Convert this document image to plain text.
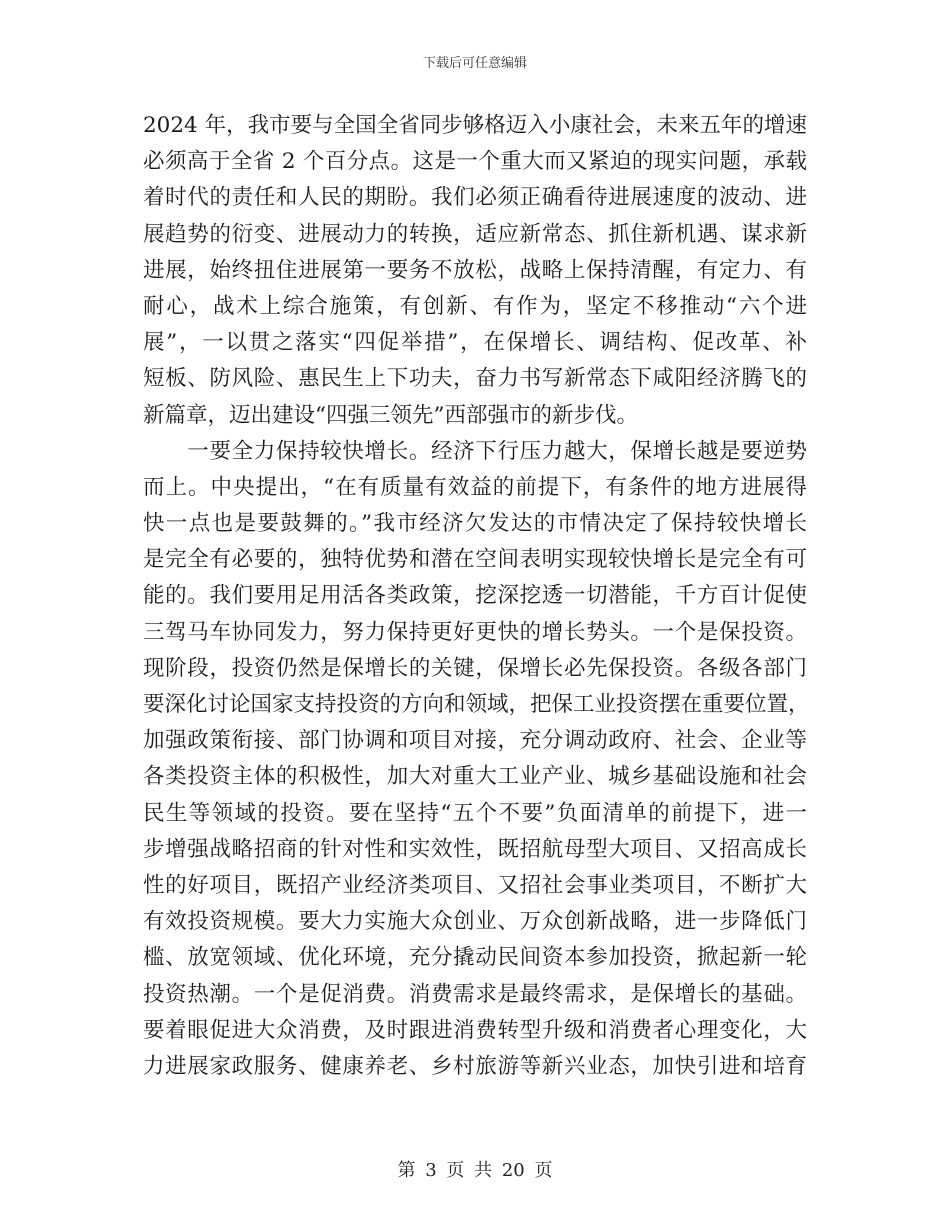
下载后可任意编辑
2024 年，我市要与全国全省同步够格迈入小康社会，未来五年的增速
必须高于全省 2 个百分点。这是一个重大而又紧迫的现实问题，承载
着时代的责任和人民的期盼。我们必须正确看待进展速度的波动、进
展趋势的衍变、进展动力的转换，适应新常态、抓住新机遇、谋求新
进展，始终扭住进展第一要务不放松，战略上保持清醒，有定力、有
耐心，战术上综合施策，有创新、有作为，坚定不移推动“六个进
展”，一以贯之落实“四促举措”，在保增长、调结构、促改革、补
短板、防风险、惠民生上下功夫，奋力书写新常态下咸阳经济腾飞的
新篇章，迈出建设“四强三领先”西部强市的新步伐。
　　一要全力保持较快增长。经济下行压力越大，保增长越是要逆势
而上。中央提出，“在有质量有效益的前提下，有条件的地方进展得
快一点也是要鼓舞的。”我市经济欠发达的市情决定了保持较快增长
是完全有必要的，独特优势和潜在空间表明实现较快增长是完全有可
能的。我们要用足用活各类政策，挖深挖透一切潜能，千方百计促使
三驾马车协同发力，努力保持更好更快的增长势头。一个是保投资。
现阶段，投资仍然是保增长的关键，保增长必先保投资。各级各部门
要深化讨论国家支持投资的方向和领域，把保工业投资摆在重要位置，
加强政策衔接、部门协调和项目对接，充分调动政府、社会、企业等
各类投资主体的积极性，加大对重大工业产业、城乡基础设施和社会
民生等领域的投资。要在坚持“五个不要”负面清单的前提下，进一
步增强战略招商的针对性和实效性，既招航母型大项目、又招高成长
性的好项目，既招产业经济类项目、又招社会事业类项目，不断扩大
有效投资规模。要大力实施大众创业、万众创新战略，进一步降低门
槛、放宽领域、优化环境，充分撬动民间资本参加投资，掀起新一轮
投资热潮。一个是促消费。消费需求是最终需求，是保增长的基础。
要着眼促进大众消费，及时跟进消费转型升级和消费者心理变化，大
力进展家政服务、健康养老、乡村旅游等新兴业态，加快引进和培育
第 3 页 共 20 页
